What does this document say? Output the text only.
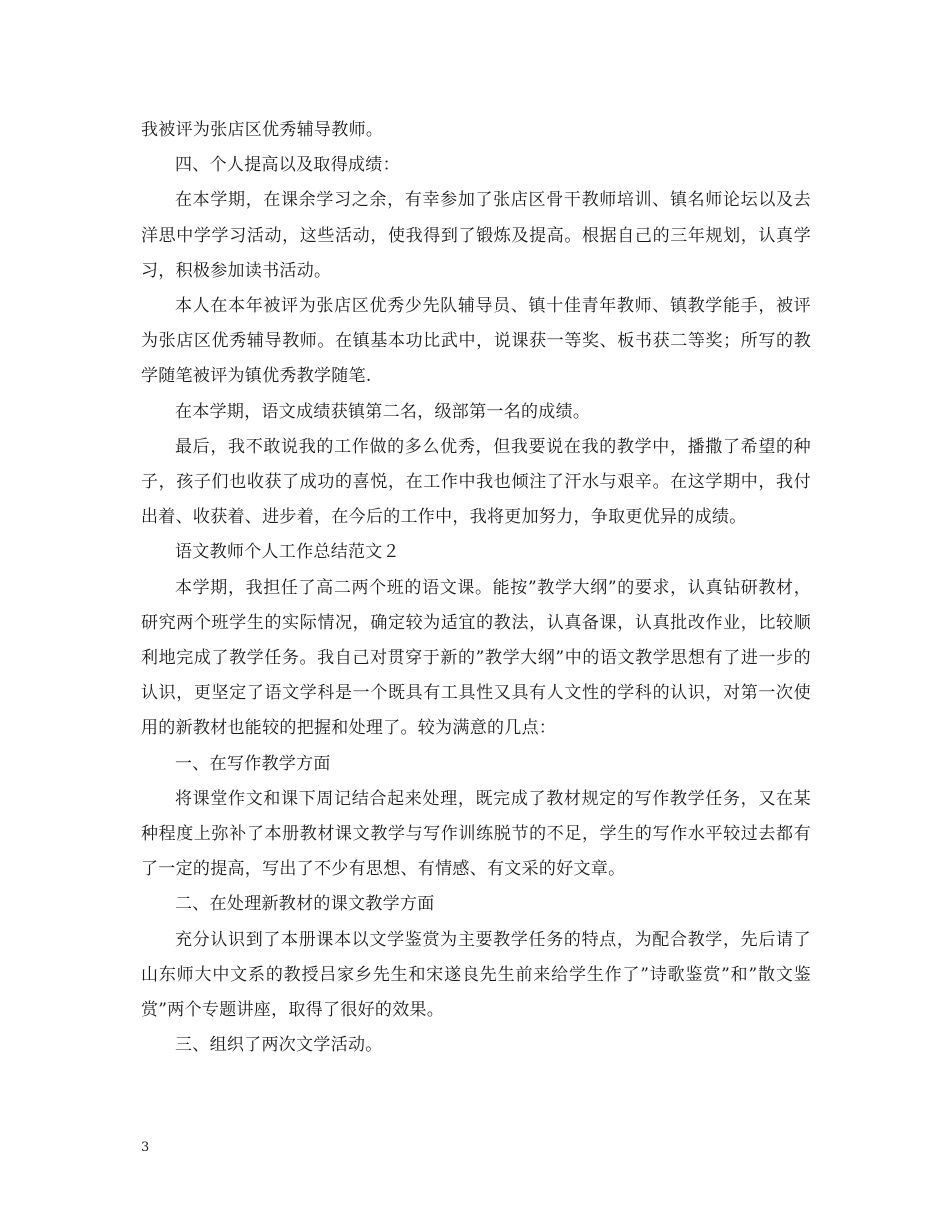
我被评为张店区优秀辅导教师。

四、个人提高以及取得成绩：

在本学期，在课余学习之余，有幸参加了张店区骨干教师培训、镇名师论坛以及去洋思中学学习活动，这些活动，使我得到了锻炼及提高。根据自己的三年规划，认真学习，积极参加读书活动。

本人在本年被评为张店区优秀少先队辅导员、镇十佳青年教师、镇教学能手，被评为张店区优秀辅导教师。在镇基本功比武中，说课获一等奖、板书获二等奖；所写的教学随笔被评为镇优秀教学随笔.

在本学期，语文成绩获镇第二名，级部第一名的成绩。

最后，我不敢说我的工作做的多么优秀，但我要说在我的教学中，播撒了希望的种子，孩子们也收获了成功的喜悦，在工作中我也倾注了汗水与艰辛。在这学期中，我付出着、收获着、进步着，在今后的工作中，我将更加努力，争取更优异的成绩。

语文教师个人工作总结范文２

本学期，我担任了高二两个班的语文课。能按”教学大纲”的要求，认真钻研教材，研究两个班学生的实际情况，确定较为适宜的教法，认真备课，认真批改作业，比较顺利地完成了教学任务。我自己对贯穿于新的”教学大纲”中的语文教学思想有了进一步的认识，更坚定了语文学科是一个既具有工具性又具有人文性的学科的认识，对第一次使用的新教材也能较的把握和处理了。较为满意的几点：

一、在写作教学方面

将课堂作文和课下周记结合起来处理，既完成了教材规定的写作教学任务，又在某种程度上弥补了本册教材课文教学与写作训练脱节的不足，学生的写作水平较过去都有了一定的提高，写出了不少有思想、有情感、有文采的好文章。

二、在处理新教材的课文教学方面

充分认识到了本册课本以文学鉴赏为主要教学任务的特点，为配合教学，先后请了山东师大中文系的教授吕家乡先生和宋遂良先生前来给学生作了”诗歌鉴赏”和”散文鉴赏”两个专题讲座，取得了很好的效果。

三、组织了两次文学活动。

3
